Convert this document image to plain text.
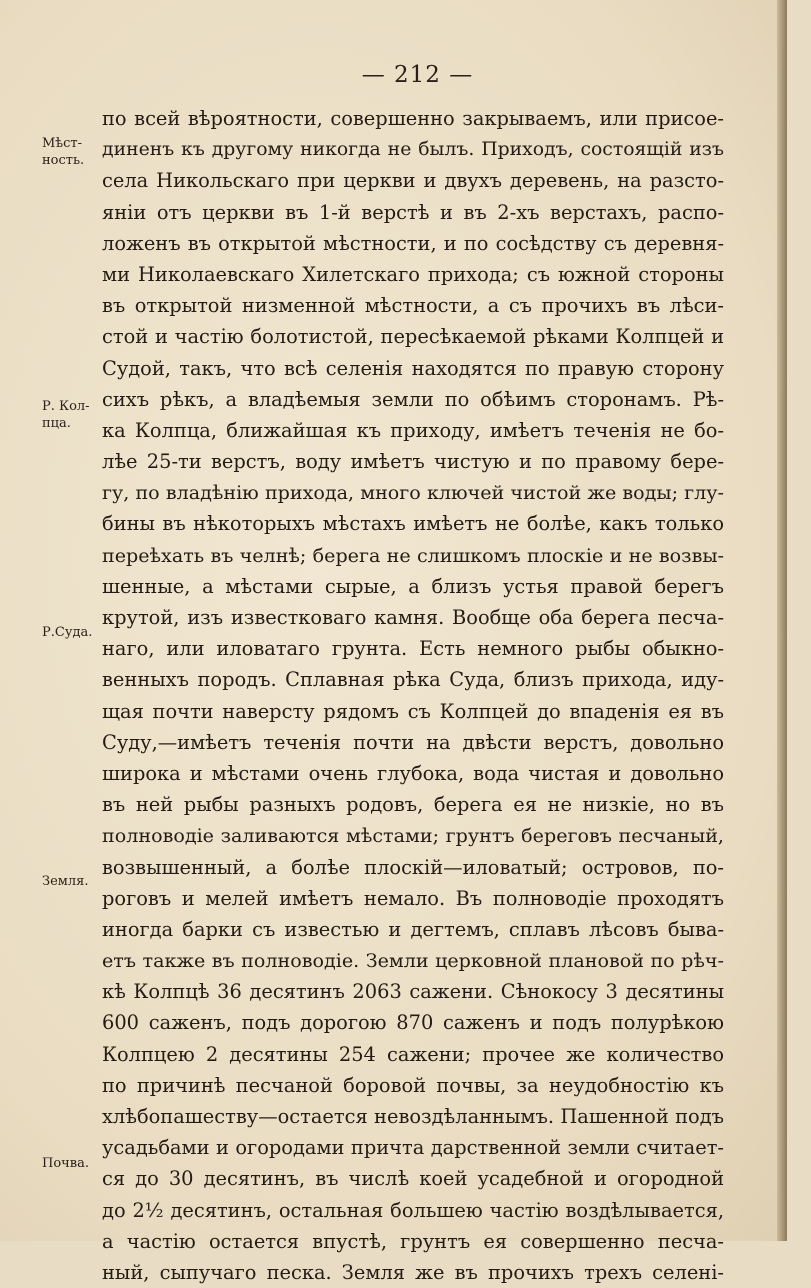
— 212 —
Мѣст-
ность.
Р. Кол-
пца.
Р.Суда.
Земля.
Почва.
по всей вѣроятности, совершенно закрываемъ, или присое-
диненъ къ другому никогда не былъ. Приходъ, состоящій изъ
села Никольскаго при церкви и двухъ деревень, на разсто-
яніи отъ церкви въ 1-й верстѣ и въ 2-хъ верстахъ, распо-
ложенъ въ открытой мѣстности, и по сосѣдству съ деревня-
ми Николаевскаго Хилетскаго прихода; съ южной стороны
въ открытой низменной мѣстности, а съ прочихъ въ лѣси-
стой и частію болотистой, пересѣкаемой рѣками Колпцей и
Судой, такъ, что всѣ селенія находятся по правую сторону
сихъ рѣкъ, а владѣемыя земли по обѣимъ сторонамъ. Рѣ-
ка Колпца, ближайшая къ приходу, имѣетъ теченія не бо-
лѣе 25-ти верстъ, воду имѣетъ чистую и по правому бере-
гу, по владѣнію прихода, много ключей чистой же воды; глу-
бины въ нѣкоторыхъ мѣстахъ имѣетъ не болѣе, какъ только
переѣхать въ челнѣ; берега не слишкомъ плоскіе и не возвы-
шенные, а мѣстами сырые, а близъ устья правой берегъ
крутой, изъ известковаго камня. Вообще оба берега песча-
наго, или иловатаго грунта. Есть немного рыбы обыкно-
венныхъ породъ. Сплавная рѣка Суда, близъ прихода, иду-
щая почти наверсту рядомъ съ Колпцей до впаденія ея въ
Суду,—имѣетъ теченія почти на двѣсти верстъ, довольно
широка и мѣстами очень глубока, вода чистая и довольно
въ ней рыбы разныхъ родовъ, берега ея не низкіе, но въ
полноводіе заливаются мѣстами; грунтъ береговъ песчаный,
возвышенный, а болѣе плоскій—иловатый; островов, по-
роговъ и мелей имѣетъ немало. Въ полноводіе проходятъ
иногда барки съ известью и дегтемъ, сплавъ лѣсовъ быва-
етъ также въ полноводіе. Земли церковной плановой по рѣч-
кѣ Колпцѣ 36 десятинъ 2063 сажени. Сѣнокосу 3 десятины
600 саженъ, подъ дорогою 870 саженъ и подъ полурѣкою
Колпцею 2 десятины 254 сажени; прочее же количество
по причинѣ песчаной боровой почвы, за неудобностію къ
хлѣбопашеству—остается невоздѣланнымъ. Пашенной подъ
усадьбами и огородами причта дарственной земли считает-
ся до 30 десятинъ, въ числѣ коей усадебной и огородной
до 2½ десятинъ, остальная большею частію воздѣлывается,
а частію остается впустѣ, грунтъ ея совершенно песча-
ный, сыпучаго песка. Земля же въ прочихъ трехъ селені-
